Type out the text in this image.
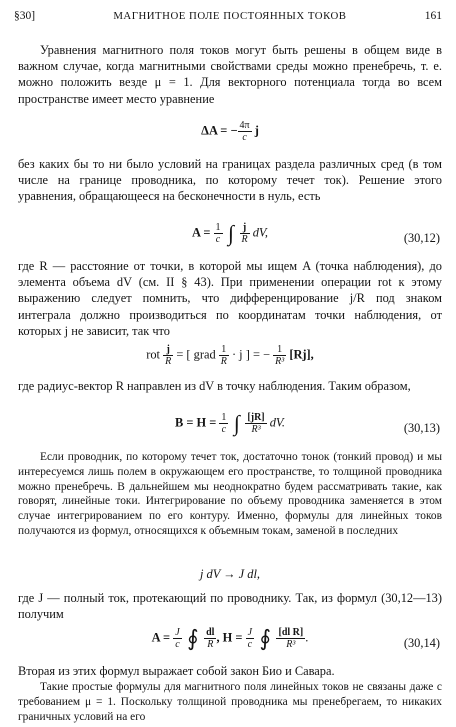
§30]	МАГНИТНОЕ ПОЛЕ ПОСТОЯННЫХ ТОКОВ	161

Уравнения магнитного поля токов могут быть решены в общем виде в важном случае, когда магнитными свойствами среды можно пренебречь, т. е. можно положить везде μ = 1. Для векторного потенциала тогда во всем пространстве имеет место уравнение

ΔA = − $\frac{4\pi}{c}$ j

без каких бы то ни было условий на границах раздела различных сред (в том числе на границе проводника, по которому течет ток). Решение этого уравнения, обращающееся на бесконечности в нуль, есть

$A = \frac{1}{c}$ ∫ $\frac{j}{R}$ dV,	(30,12)

где R — расстояние от точки, в которой мы ищем A (точка наблюдения), до элемента объема dV (см. II § 43). При применении операции rot к этому выражению следует помнить, что дифференцирование j/R под знаком интеграла должно производиться по координатам точки наблюдения, от которых j не зависит, так что

rot $\frac{j}{R}$ = [ grad $\frac{1}{R} \cdot j$ ] = − $\frac{1}{\text{R³}} [Rj]$,

где радиус-вектор R направлен из dV в точку наблюдения. Таким образом,

$B = H = \frac{1}{c}$ ∫ $\frac{[jR]}{\text{R³}}$ dV.	(30,13)

Если проводник, по которому течет ток, достаточно тонок (тонкий провод) и мы интересуемся лишь полем в окружающем его пространстве, то толщиной проводника можно пренебречь. В дальнейшем мы неоднократно будем рассматривать такие, как говорят, линейные токи. Интегрирование по объему проводника заменяется в этом случае интегрированием по его контуру. Именно, формулы для линейных токов получаются из формул, относящихся к объемным токам, заменой в последних

j dV → J dl,

где J — полный ток, протекающий по проводнику. Так, из формул (30,12—13) получим

$A = \frac{J}{c}$ ∮ $\frac{dl}{R}$ , $H = \frac{J}{c}$ ∮ $\frac{\text{[dl R]}}{\text{R³}}$ .	(30,14)

Вторая из этих формул выражает собой закон Био и Савара.

Такие простые формулы для магнитного поля линейных токов не связаны даже с требованием μ = 1. Поскольку толщиной проводника мы пренебрегаем, то никаких граничных условий на его
